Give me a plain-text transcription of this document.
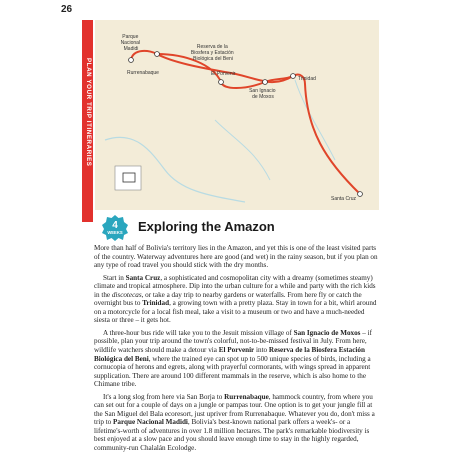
26
PLAN YOUR TRIP ITINERARIES
Parque Nacional Madidi
Rurrenabaque
Reserva de la Biosfera y Estación Biológica del Beni
El Porvenir
Trinidad
San Ignacio de Moxos
Santa Cruz
4
WEEKS Exploring the Amazon

More than half of Bolivia's territory lies in the Amazon, and yet this is one of the least visited parts of the country. Waterway adventures here are good (and wet) in the rainy season, but if you plan on any type of road travel you should stick with the dry months.

Start in Santa Cruz, a sophisticated and cosmopolitan city with a dreamy (sometimes steamy) climate and tropical atmosphere. Dip into the urban culture for a while and party with the rich kids in the discotecas, or take a day trip to nearby gardens or waterfalls. From here fly or catch the overnight bus to Trinidad, a growing town with a pretty plaza. Stay in town for a bit, whirl around on a motorcycle for a local fish meal, take a visit to a museum or two and have a much-needed siesta or three – it gets hot.

A three-hour bus ride will take you to the Jesuit mission village of San Ignacio de Moxos – if possible, plan your trip around the town's colorful, not-to-be-missed festival in July. From here, wildlife watchers should make a detour via El Porvenir into Reserva de la Biosfera Estación Biológica del Beni, where the trained eye can spot up to 500 unique species of birds, including a cornucopia of herons and egrets, along with prayerful cormorants, with wings spread in apparent supplication. There are around 100 different mammals in the reserve, which is also home to the Chimane tribe.

It's a long slog from here via San Borja to Rurrenabaque, hammock country, from where you can set out for a couple of days on a jungle or pampas tour. One option is to get your jungle fill at the San Miguel del Bala ecoresort, just upriver from Rurrenabaque. Whatever you do, don't miss a trip to Parque Nacional Madidi, Bolivia's best-known national park offers a week's- or a lifetime's-worth of adventures in over 1.8 million hectares. The park's remarkable biodiversity is best enjoyed at a slow pace and you should leave enough time to stay in the highly regarded, community-run Chalalán Ecolodge.
